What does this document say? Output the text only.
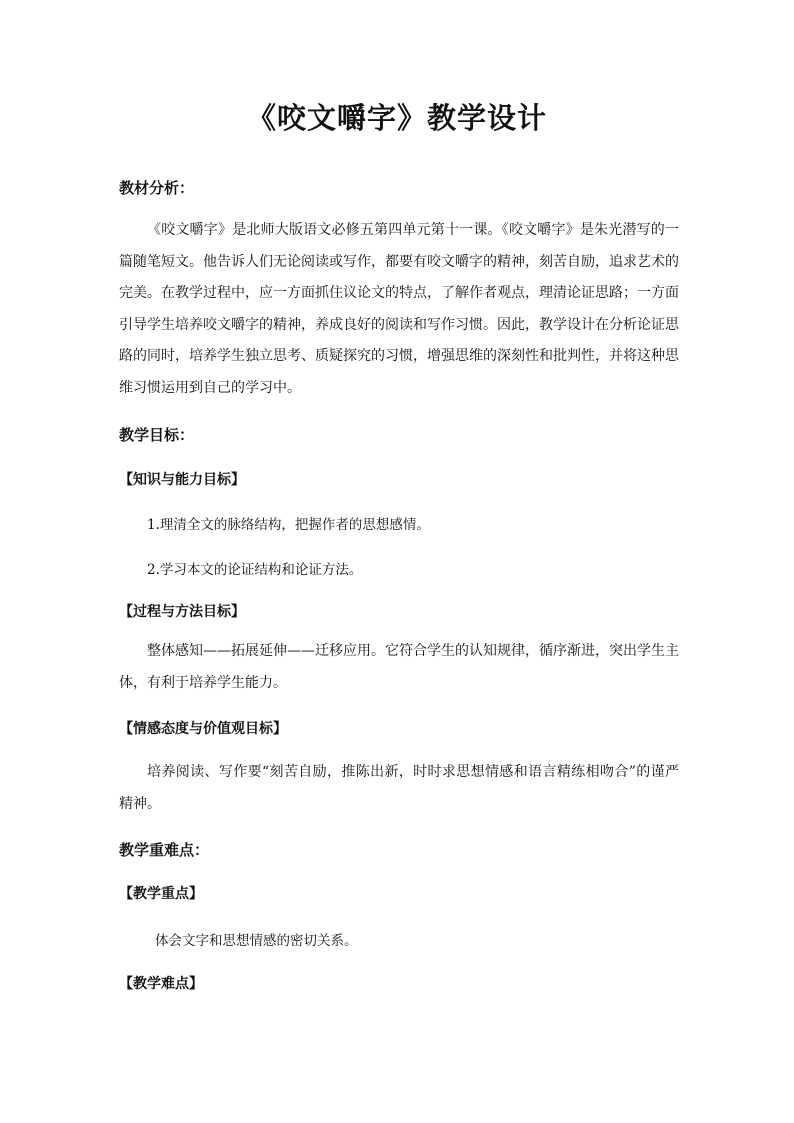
《咬文嚼字》教学设计
教材分析：

《咬文嚼字》是北师大版语文必修五第四单元第十一课。《咬文嚼字》是朱光潜写的一篇随笔短文。他告诉人们无论阅读或写作，都要有咬文嚼字的精神，刻苦自励，追求艺术的完美。在教学过程中，应一方面抓住议论文的特点，了解作者观点，理清论证思路；一方面引导学生培养咬文嚼字的精神，养成良好的阅读和写作习惯。因此，教学设计在分析论证思路的同时，培养学生独立思考、质疑探究的习惯，增强思维的深刻性和批判性，并将这种思维习惯运用到自己的学习中。

教学目标：
【知识与能力目标】
1.理清全文的脉络结构，把握作者的思想感情。
2.学习本文的论证结构和论证方法。
【过程与方法目标】

整体感知——拓展延伸——迁移应用。它符合学生的认知规律，循序渐进，突出学生主体，有利于培养学生能力。

【情感态度与价值观目标】

培养阅读、写作要“刻苦自励，推陈出新，时时求思想情感和语言精练相吻合”的谨严精神。

教学重难点：
【教学重点】
体会文字和思想情感的密切关系。
【教学难点】
